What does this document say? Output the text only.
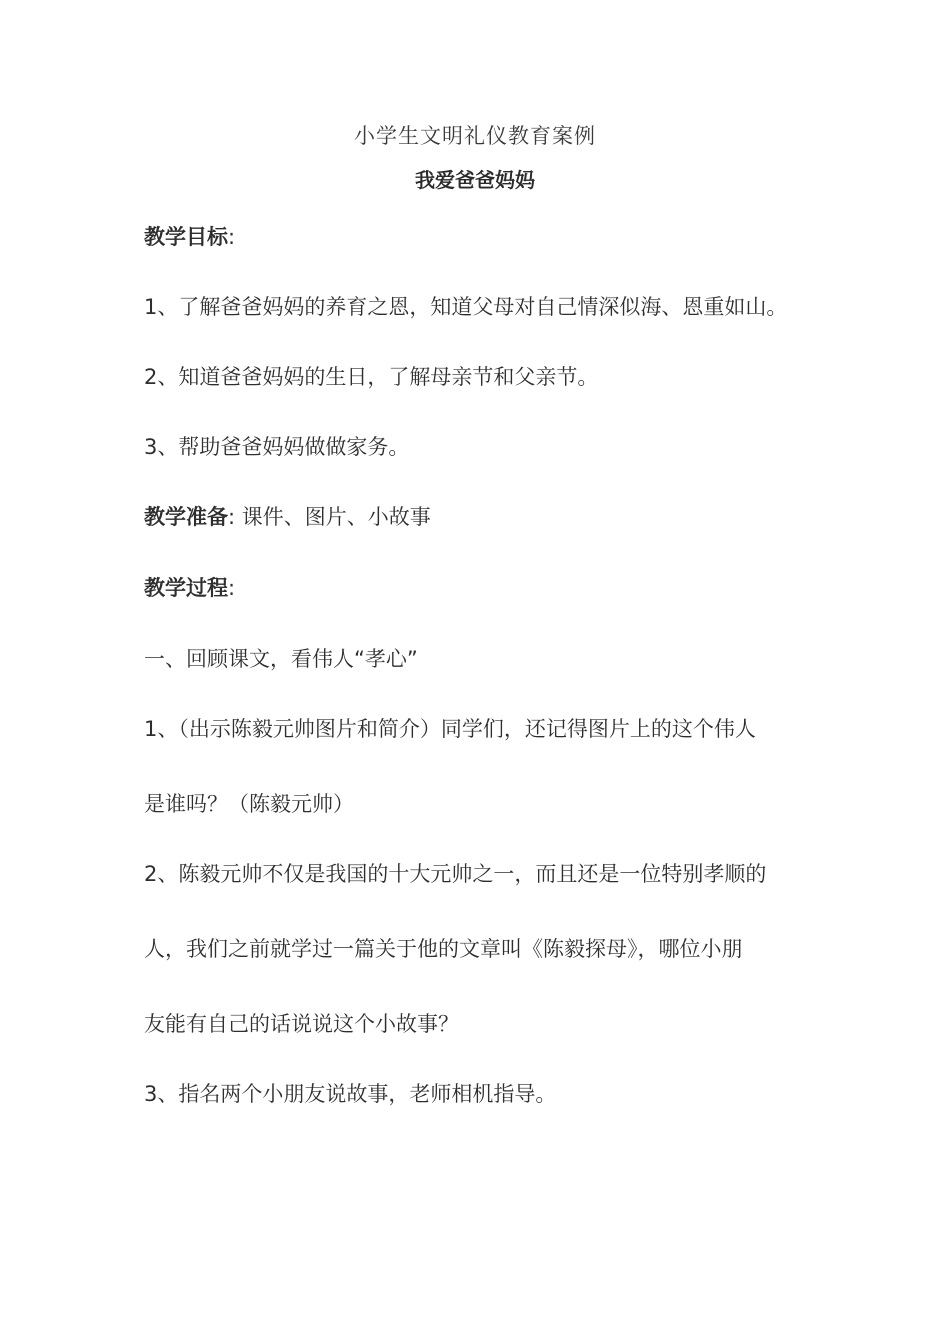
小学生文明礼仪教育案例
我爱爸爸妈妈
教学目标:
1、了解爸爸妈妈的养育之恩，知道父母对自己情深似海、恩重如山。
2、知道爸爸妈妈的生日，了解母亲节和父亲节。
3、帮助爸爸妈妈做做家务。
教学准备: 课件、图片、小故事
教学过程:
一、回顾课文，看伟人“孝心”
1、（出示陈毅元帅图片和简介）同学们，还记得图片上的这个伟人
是谁吗？（陈毅元帅）
2、陈毅元帅不仅是我国的十大元帅之一，而且还是一位特别孝顺的
人，我们之前就学过一篇关于他的文章叫《陈毅探母》，哪位小朋
友能有自己的话说说这个小故事？
3、指名两个小朋友说故事，老师相机指导。
